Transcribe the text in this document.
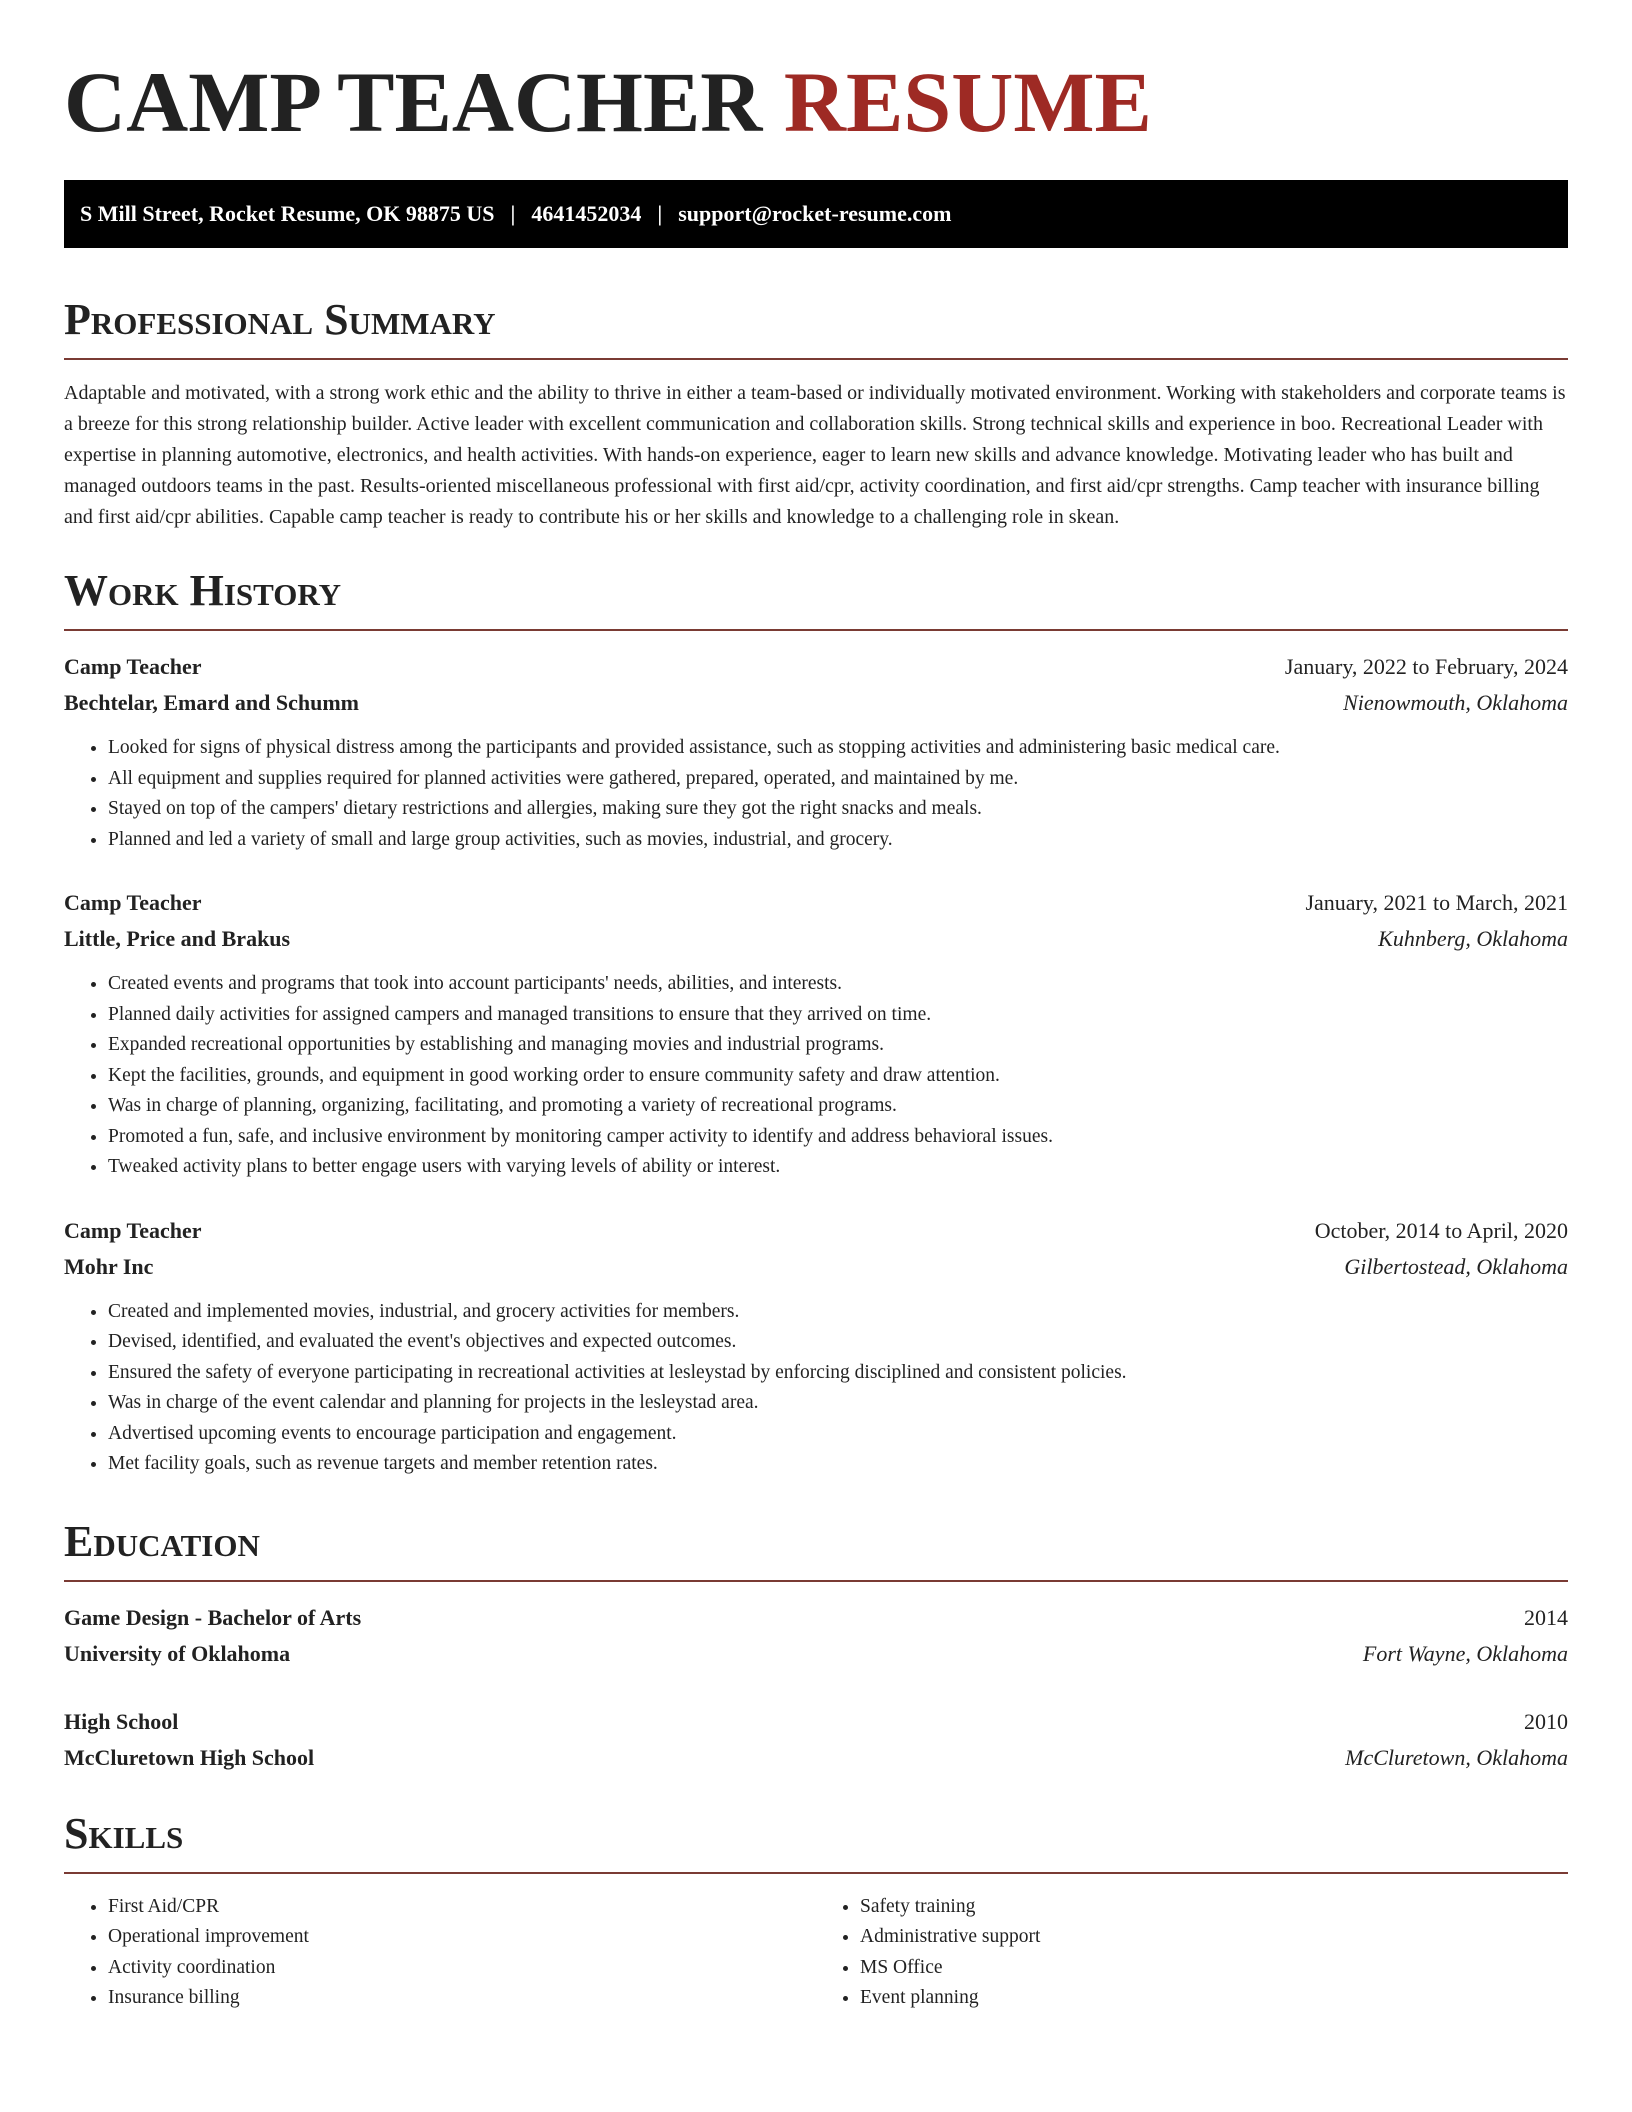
CAMP TEACHER RESUME
S Mill Street, Rocket Resume, OK 98875 US | 4641452034 | support@rocket-resume.com
Professional Summary

Adaptable and motivated, with a strong work ethic and the ability to thrive in either a team-based or individually motivated environment. Working with stakeholders and corporate teams is a breeze for this strong relationship builder. Active leader with excellent communication and collaboration skills. Strong technical skills and experience in boo. Recreational Leader with expertise in planning automotive, electronics, and health activities. With hands-on experience, eager to learn new skills and advance knowledge. Motivating leader who has built and managed outdoors teams in the past. Results-oriented miscellaneous professional with first aid/cpr, activity coordination, and first aid/cpr strengths. Camp teacher with insurance billing and first aid/cpr abilities. Capable camp teacher is ready to contribute his or her skills and knowledge to a challenging role in skean.

Work History
Camp Teacher	January, 2022 to February, 2024
Bechtelar, Emard and Schumm	Nienowmouth, Oklahoma
• Looked for signs of physical distress among the participants and provided assistance, such as stopping activities and administering basic medical care.
• All equipment and supplies required for planned activities were gathered, prepared, operated, and maintained by me.
• Stayed on top of the campers' dietary restrictions and allergies, making sure they got the right snacks and meals.
• Planned and led a variety of small and large group activities, such as movies, industrial, and grocery.
Camp Teacher	January, 2021 to March, 2021
Little, Price and Brakus	Kuhnberg, Oklahoma
• Created events and programs that took into account participants' needs, abilities, and interests.
• Planned daily activities for assigned campers and managed transitions to ensure that they arrived on time.
• Expanded recreational opportunities by establishing and managing movies and industrial programs.
• Kept the facilities, grounds, and equipment in good working order to ensure community safety and draw attention.
• Was in charge of planning, organizing, facilitating, and promoting a variety of recreational programs.
• Promoted a fun, safe, and inclusive environment by monitoring camper activity to identify and address behavioral issues.
• Tweaked activity plans to better engage users with varying levels of ability or interest.
Camp Teacher	October, 2014 to April, 2020
Mohr Inc	Gilbertostead, Oklahoma
• Created and implemented movies, industrial, and grocery activities for members.
• Devised, identified, and evaluated the event's objectives and expected outcomes.
• Ensured the safety of everyone participating in recreational activities at lesleystad by enforcing disciplined and consistent policies.
• Was in charge of the event calendar and planning for projects in the lesleystad area.
• Advertised upcoming events to encourage participation and engagement.
• Met facility goals, such as revenue targets and member retention rates.
Education
Game Design - Bachelor of Arts	2014
University of Oklahoma	Fort Wayne, Oklahoma
High School	2010
McCluretown High School	McCluretown, Oklahoma
Skills
• First Aid/CPR
• Operational improvement
• Activity coordination
• Insurance billing
• Safety training
• Administrative support
• MS Office
• Event planning
